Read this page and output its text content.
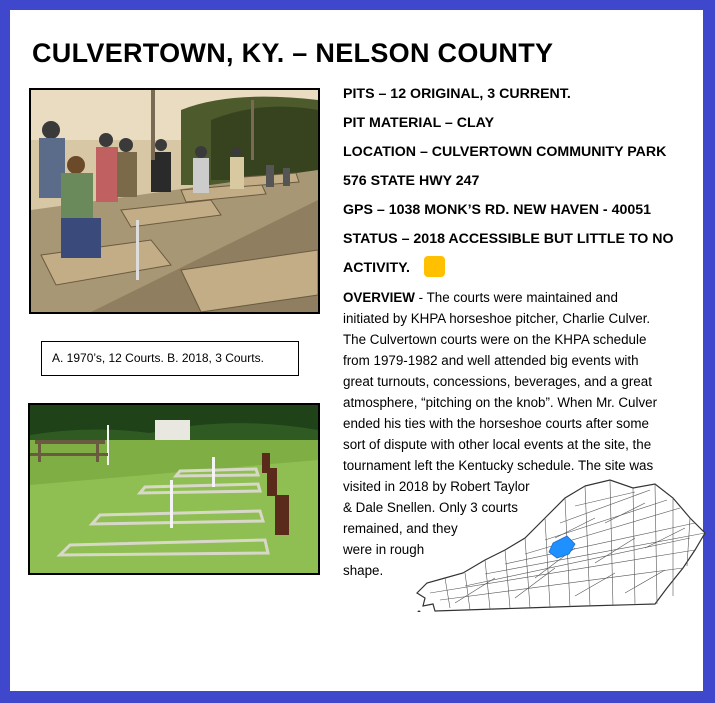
CULVERTOWN, KY. – NELSON COUNTY
A. 1970’s, 12 Courts. B. 2018, 3 Courts.
PITS – 12 ORIGINAL, 3 CURRENT.
PIT MATERIAL – CLAY
LOCATION – CULVERTOWN COMMUNITY PARK
576 STATE HWY 247
GPS – 1038 MONK’S RD. NEW HAVEN - 40051
STATUS – 2018 ACCESSIBLE BUT LITTLE TO NO
ACTIVITY.
OVERVIEW - The courts were maintained and
initiated by KHPA horseshoe pitcher, Charlie Culver.
The Culvertown courts were on the KHPA schedule
from 1979-1982 and well attended big events with
great turnouts, concessions, beverages, and a great
atmosphere, “pitching on the knob”. When Mr. Culver
ended his ties with the horseshoe courts after some
sort of dispute with other local events at the site, the
tournament left the Kentucky schedule. The site was
visited in 2018 by Robert Taylor
& Dale Snellen. Only 3 courts
remained, and they
were in rough
shape.
